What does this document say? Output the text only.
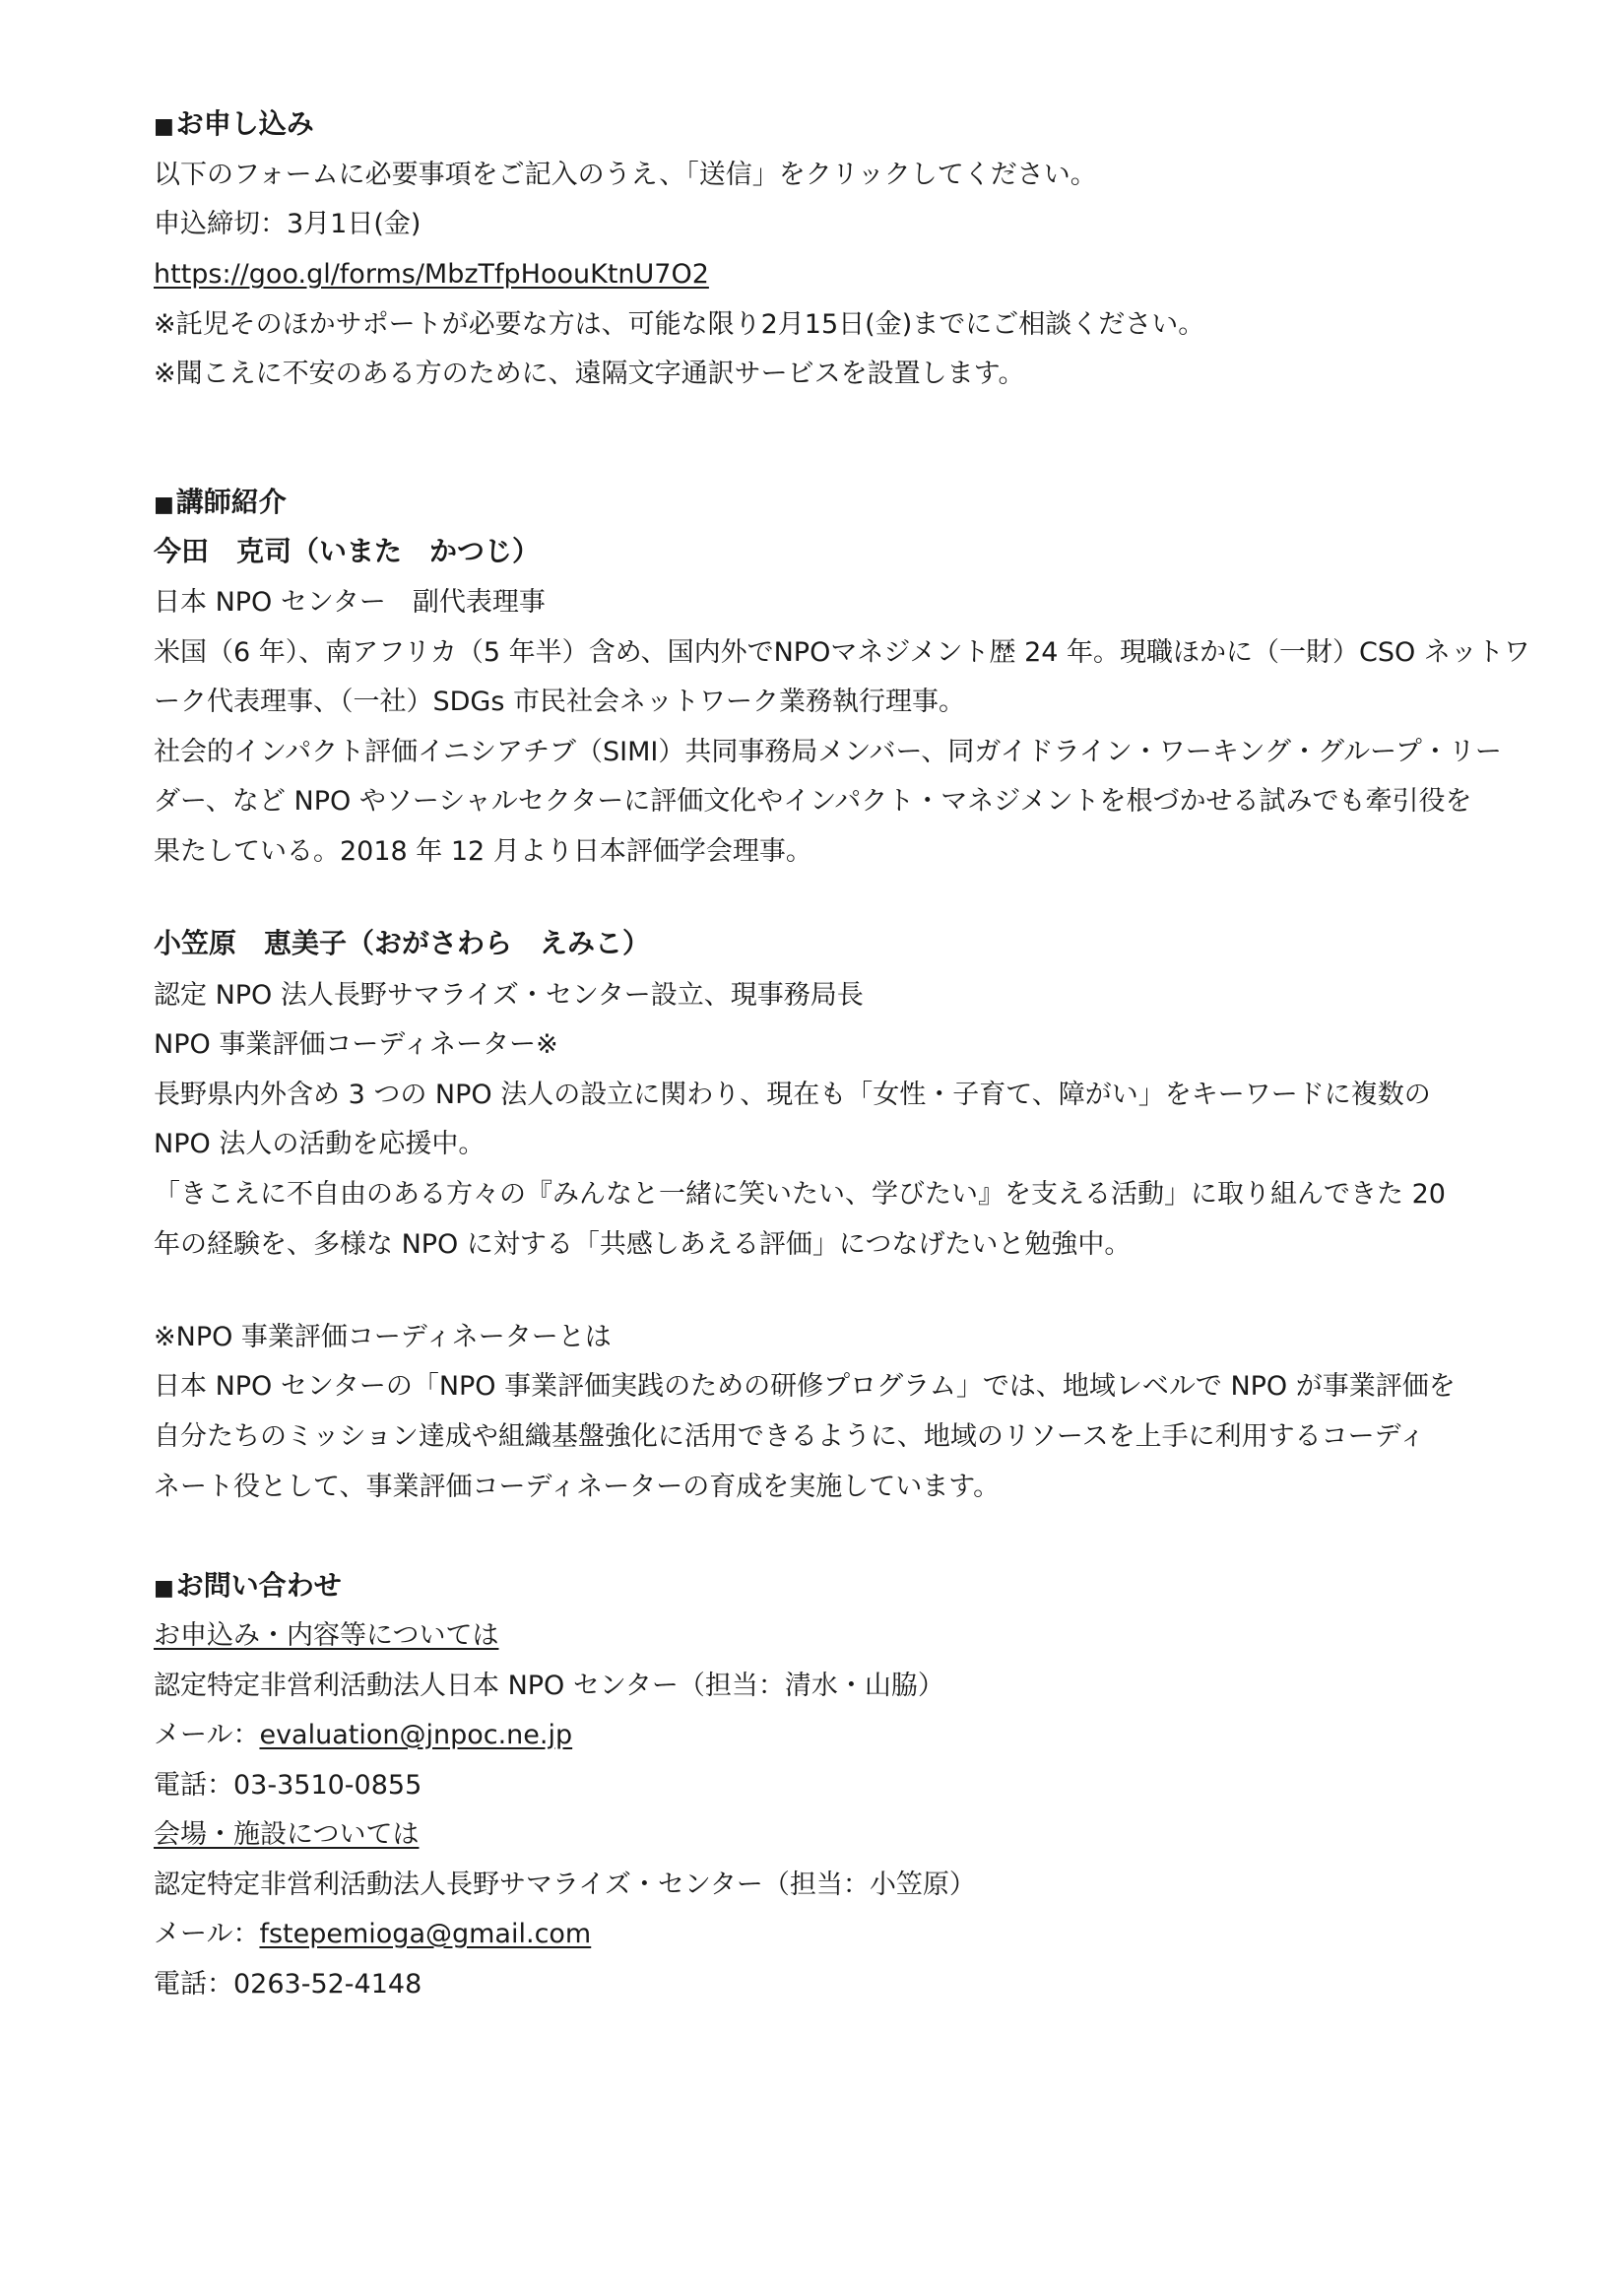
■お申し込み

以下のフォームに必要事項をご記入のうえ、「送信」をクリックしてください。

申込締切：3月1日(金)

https://goo.gl/forms/MbzTfpHoouKtnU7O2

※託児そのほかサポートが必要な方は、可能な限り2月15日(金)までにご相談ください。

※聞こえに不安のある方のために、遠隔文字通訳サービスを設置します。

■講師紹介

今田　克司（いまた　かつじ）

日本 NPO センター　副代表理事

米国（6 年）、南アフリカ（5 年半）含め、国内外でNPOマネジメント歴 24 年。現職ほかに（一財）CSO ネットワ

ーク代表理事、（一社）SDGs 市民社会ネットワーク業務執行理事。

社会的インパクト評価イニシアチブ（SIMI）共同事務局メンバー、同ガイドライン・ワーキング・グループ・リー

ダー、など NPO やソーシャルセクターに評価文化やインパクト・マネジメントを根づかせる試みでも牽引役を

果たしている。2018 年 12 月より日本評価学会理事。

小笠原　恵美子（おがさわら　えみこ）

認定 NPO 法人長野サマライズ・センター設立、現事務局長

NPO 事業評価コーディネーター※

長野県内外含め 3 つの NPO 法人の設立に関わり、現在も「女性・子育て、障がい」をキーワードに複数の

NPO 法人の活動を応援中。

「きこえに不自由のある方々の『みんなと一緒に笑いたい、学びたい』を支える活動」に取り組んできた 20

年の経験を、多様な NPO に対する「共感しあえる評価」につなげたいと勉強中。

※NPO 事業評価コーディネーターとは

日本 NPO センターの「NPO 事業評価実践のための研修プログラム」では、地域レベルで NPO が事業評価を

自分たちのミッション達成や組織基盤強化に活用できるように、地域のリソースを上手に利用するコーディ

ネート役として、事業評価コーディネーターの育成を実施しています。

■お問い合わせ

お申込み・内容等については

認定特定非営利活動法人日本 NPO センター（担当：清水・山脇）

メール：evaluation@jnpoc.ne.jp

電話：03-3510-0855

会場・施設については

認定特定非営利活動法人長野サマライズ・センター（担当：小笠原）

メール：fstepemioga@gmail.com

電話：0263-52-4148
